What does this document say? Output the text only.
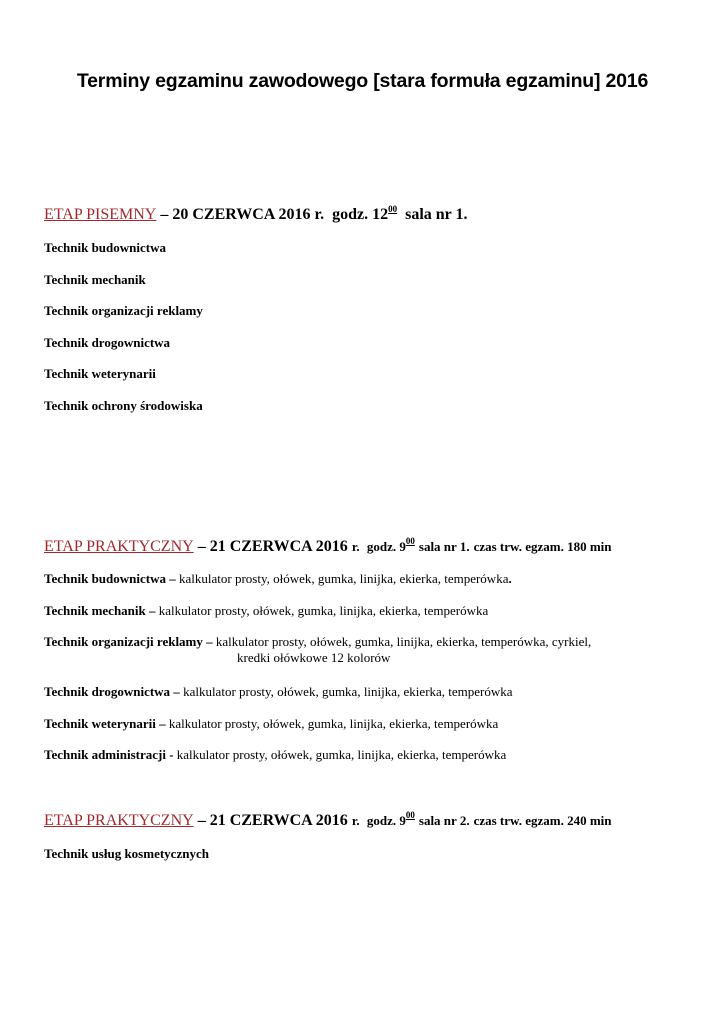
Terminy egzaminu zawodowego [stara formuła egzaminu] 2016
ETAP PISEMNY – 20 CZERWCA 2016 r. godz. $12^{00}$ sala nr 1.
Technik budownictwa
Technik mechanik
Technik organizacji reklamy
Technik drogownictwa
Technik weterynarii
Technik ochrony środowiska
ETAP PRAKTYCZNY – 21 CZERWCA 2016 r. godz. $9^{00}$ sala nr 1. czas trw. egzam. 180 min
Technik budownictwa – kalkulator prosty, ołówek, gumka, linijka, ekierka, temperówka.
Technik mechanik – kalkulator prosty, ołówek, gumka, linijka, ekierka, temperówka
Technik organizacji reklamy – kalkulator prosty, ołówek, gumka, linijka, ekierka, temperówka, cyrkiel,
kredki ołówkowe 12 kolorów
Technik drogownictwa – kalkulator prosty, ołówek, gumka, linijka, ekierka, temperówka
Technik weterynarii – kalkulator prosty, ołówek, gumka, linijka, ekierka, temperówka
Technik administracji - kalkulator prosty, ołówek, gumka, linijka, ekierka, temperówka
ETAP PRAKTYCZNY – 21 CZERWCA 2016 r. godz. $9^{00}$ sala nr 2. czas trw. egzam. 240 min
Technik usług kosmetycznych
